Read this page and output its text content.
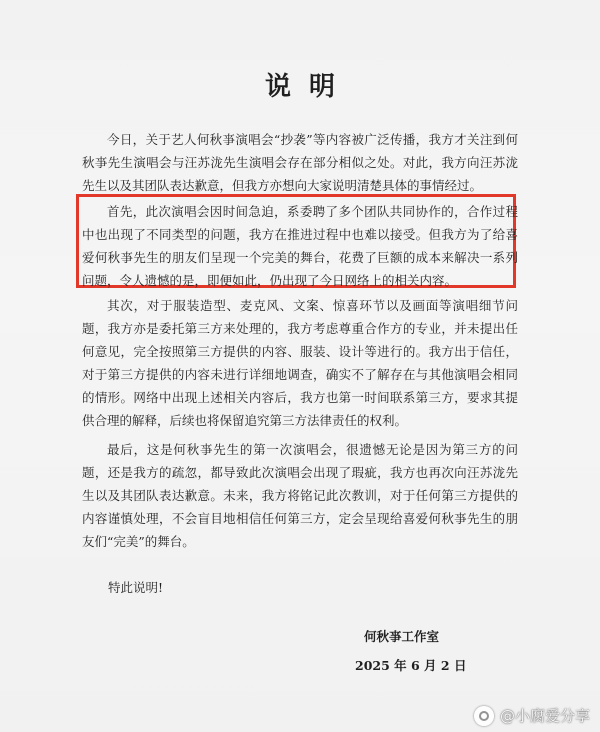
说明

今日，关于艺人何秋亊演唱会“抄袭”等内容被广泛传播，我方才关注到何秋亊先生演唱会与汪苏泷先生演唱会存在部分相似之处。对此，我方向汪苏泷先生以及其团队表达歉意，但我方亦想向大家说明清楚具体的事情经过。

首先，此次演唱会因时间急迫，系委聘了多个团队共同协作的，合作过程中也出现了不同类型的问题，我方在推进过程中也难以接受。但我方为了给喜爱何秋亊先生的朋友们呈现一个完美的舞台，花费了巨额的成本来解决一系列问题，令人遗憾的是，即便如此，仍出现了今日网络上的相关内容。

其次，对于服装造型、麦克风、文案、惊喜环节以及画面等演唱细节问题，我方亦是委托第三方来处理的，我方考虑尊重合作方的专业，并未提出任何意见，完全按照第三方提供的内容、服装、设计等进行的。我方出于信任，对于第三方提供的内容未进行详细地调查，确实不了解存在与其他演唱会相同的情形。网络中出现上述相关内容后，我方也第一时间联系第三方，要求其提供合理的解释，后续也将保留追究第三方法律责任的权利。

最后，这是何秋亊先生的第一次演唱会，很遗憾无论是因为第三方的问题，还是我方的疏忽，都导致此次演唱会出现了瑕疵，我方也再次向汪苏泷先生以及其团队表达歉意。未来，我方将铭记此次教训，对于任何第三方提供的内容谨慎处理，不会盲目地相信任何第三方，定会呈现给喜爱何秋亊先生的朋友们“完美”的舞台。

特此说明!
何秋亊工作室
2025 年 6 月 2 日
@小腐爱分享
